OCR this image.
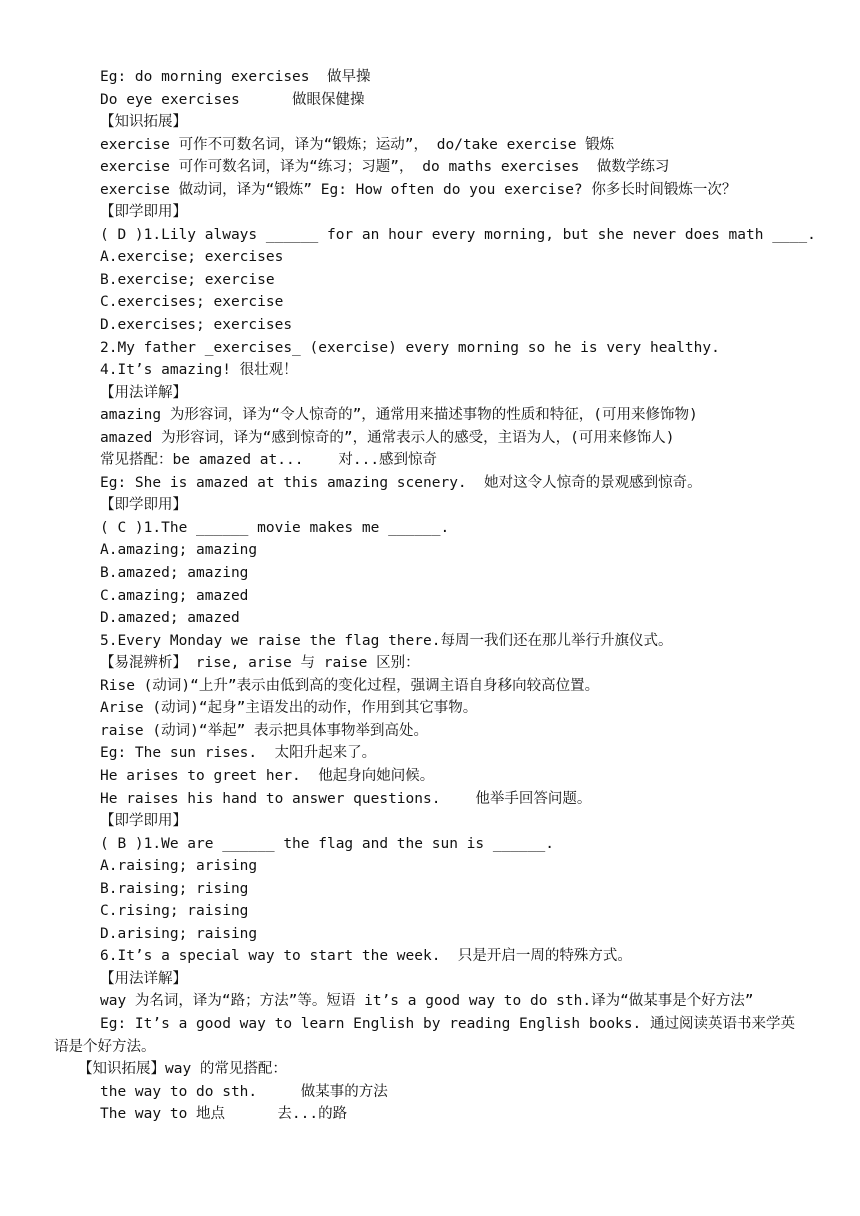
Eg: do morning exercises  做早操
Do eye exercises      做眼保健操
【知识拓展】
exercise 可作不可数名词，译为“锻炼；运动”， do/take exercise 锻炼
exercise 可作可数名词，译为“练习；习题”， do maths exercises  做数学练习
exercise 做动词，译为“锻炼” Eg: How often do you exercise? 你多长时间锻炼一次？
【即学即用】
( D )1.Lily always ______ for an hour every morning, but she never does math ____.
A.exercise; exercises
B.exercise; exercise
C.exercises; exercise
D.exercises; exercises
2.My father _exercises_ (exercise) every morning so he is very healthy.
4.It’s amazing! 很壮观！
【用法详解】
amazing 为形容词，译为“令人惊奇的”，通常用来描述事物的性质和特征，(可用来修饰物)
amazed 为形容词，译为“感到惊奇的”，通常表示人的感受，主语为人，(可用来修饰人)
常见搭配：be amazed at...    对...感到惊奇
Eg: She is amazed at this amazing scenery.  她对这令人惊奇的景观感到惊奇。
【即学即用】
( C )1.The ______ movie makes me ______.
A.amazing; amazing
B.amazed; amazing
C.amazing; amazed
D.amazed; amazed
5.Every Monday we raise the flag there.每周一我们还在那儿举行升旗仪式。
【易混辨析】 rise, arise 与 raise 区别：
Rise (动词)“上升”表示由低到高的变化过程，强调主语自身移向较高位置。
Arise (动词)“起身”主语发出的动作，作用到其它事物。
raise (动词)“举起” 表示把具体事物举到高处。
Eg: The sun rises.  太阳升起来了。
He arises to greet her.  他起身向她问候。
He raises his hand to answer questions.    他举手回答问题。
【即学即用】
( B )1.We are ______ the flag and the sun is ______.
A.raising; arising
B.raising; rising
C.rising; raising
D.arising; raising
6.It’s a special way to start the week.  只是开启一周的特殊方式。
【用法详解】
way 为名词，译为“路；方法”等。短语 it’s a good way to do sth.译为“做某事是个好方法”
Eg: It’s a good way to learn English by reading English books. 通过阅读英语书来学英语是个好方法。
【知识拓展】way 的常见搭配：
the way to do sth.     做某事的方法
The way to 地点      去...的路
